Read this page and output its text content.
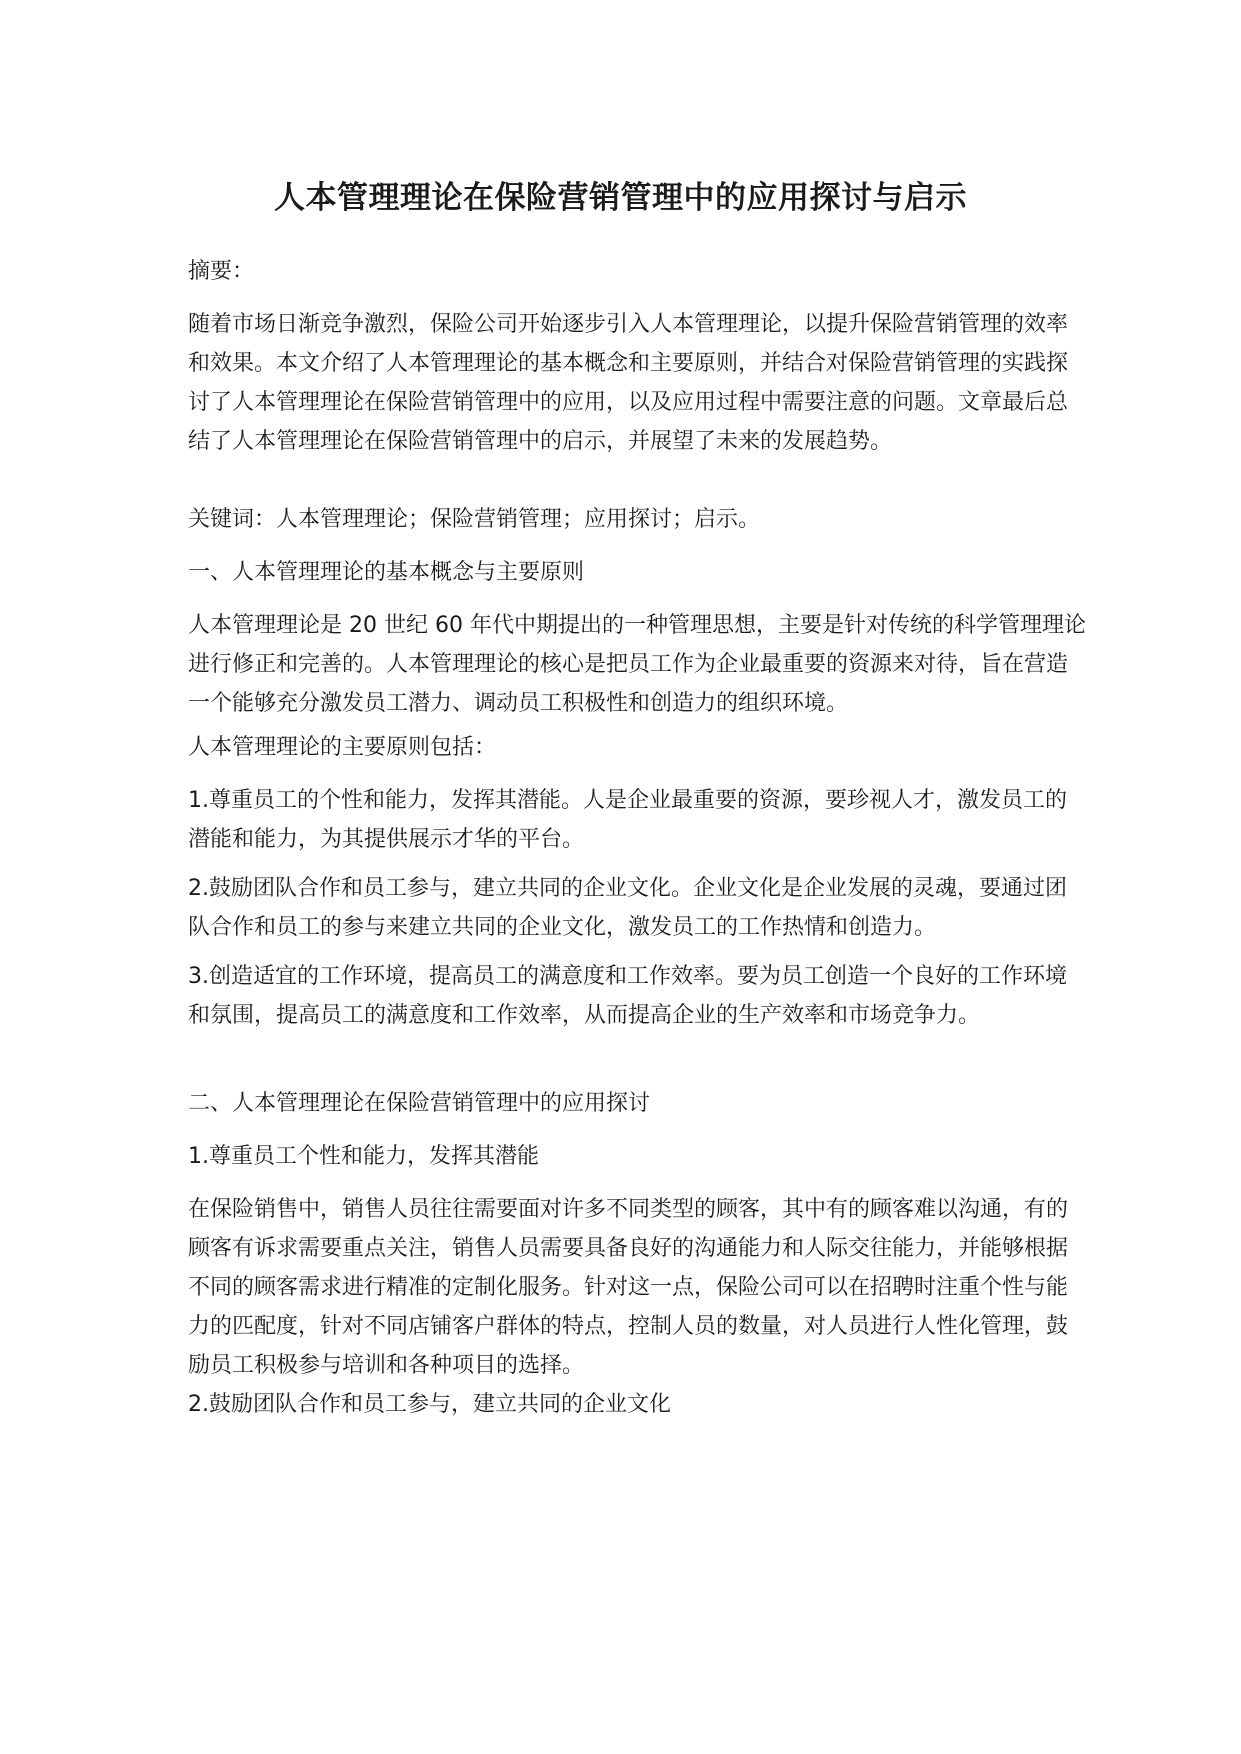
人本管理理论在保险营销管理中的应用探讨与启示

摘要：

随着市场日渐竞争激烈，保险公司开始逐步引入人本管理理论，以提升保险营销管理的效率和效果。本文介绍了人本管理理论的基本概念和主要原则，并结合对保险营销管理的实践探讨了人本管理理论在保险营销管理中的应用，以及应用过程中需要注意的问题。文章最后总结了人本管理理论在保险营销管理中的启示，并展望了未来的发展趋势。

关键词：人本管理理论；保险营销管理；应用探讨；启示。

一、人本管理理论的基本概念与主要原则

人本管理理论是 20 世纪 60 年代中期提出的一种管理思想，主要是针对传统的科学管理理论进行修正和完善的。人本管理理论的核心是把员工作为企业最重要的资源来对待，旨在营造一个能够充分激发员工潜力、调动员工积极性和创造力的组织环境。

人本管理理论的主要原则包括：

1.尊重员工的个性和能力，发挥其潜能。人是企业最重要的资源，要珍视人才，激发员工的潜能和能力，为其提供展示才华的平台。

2.鼓励团队合作和员工参与，建立共同的企业文化。企业文化是企业发展的灵魂，要通过团队合作和员工的参与来建立共同的企业文化，激发员工的工作热情和创造力。

3.创造适宜的工作环境，提高员工的满意度和工作效率。要为员工创造一个良好的工作环境和氛围，提高员工的满意度和工作效率，从而提高企业的生产效率和市场竞争力。

二、人本管理理论在保险营销管理中的应用探讨

1.尊重员工个性和能力，发挥其潜能

在保险销售中，销售人员往往需要面对许多不同类型的顾客，其中有的顾客难以沟通，有的顾客有诉求需要重点关注，销售人员需要具备良好的沟通能力和人际交往能力，并能够根据不同的顾客需求进行精准的定制化服务。针对这一点，保险公司可以在招聘时注重个性与能力的匹配度，针对不同店铺客户群体的特点，控制人员的数量，对人员进行人性化管理，鼓励员工积极参与培训和各种项目的选择。

2.鼓励团队合作和员工参与，建立共同的企业文化
